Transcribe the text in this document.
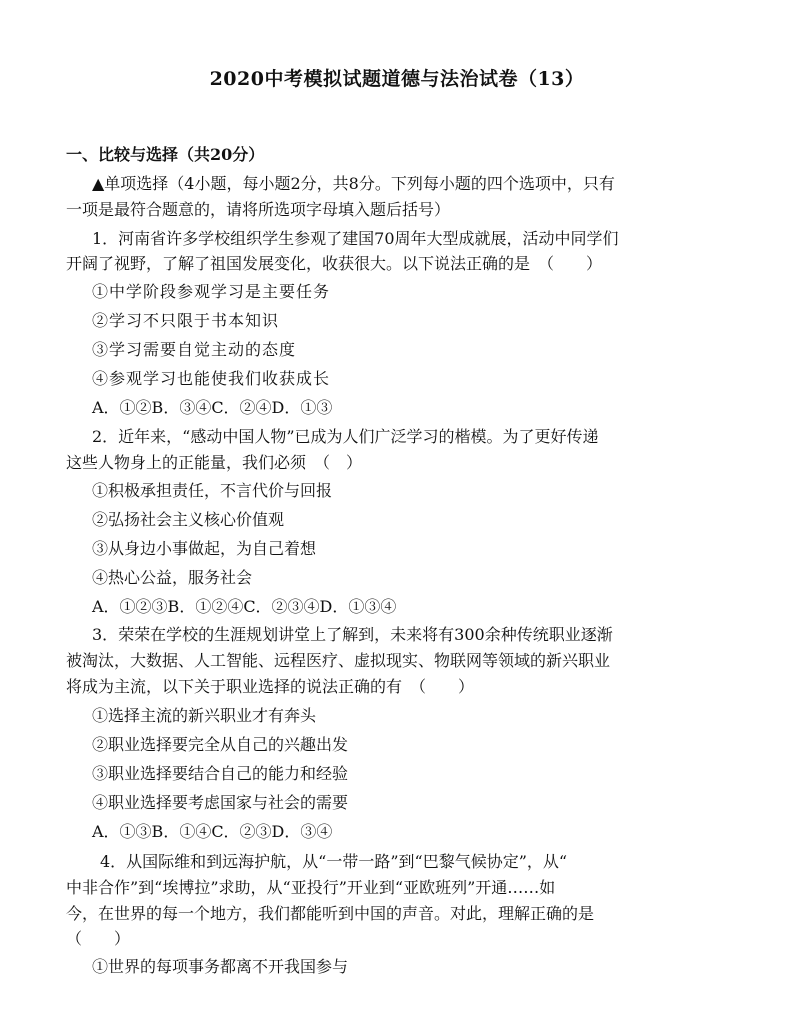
2020中考模拟试题道德与法治试卷（13）
一、比较与选择（共20分）
▲单项选择（4小题，每小题2分，共8分。下列每小题的四个选项中，只有
一项是最符合题意的，请将所选项字母填入题后括号）
1．河南省许多学校组织学生参观了建国70周年大型成就展，活动中同学们
开阔了视野，了解了祖国发展变化，收获很大。以下说法正确的是　（　　）
①中学阶段参观学习是主要任务
②学习不只限于书本知识
③学习需要自觉主动的态度
④参观学习也能使我们收获成长
A．①②B．③④C．②④D．①③
2．近年来，“感动中国人物”已成为人们广泛学习的楷模。为了更好传递
这些人物身上的正能量，我们必须　（　）
①积极承担责任，不言代价与回报
②弘扬社会主义核心价值观
③从身边小事做起，为自己着想
④热心公益，服务社会
A．①②③B．①②④C．②③④D．①③④
3．荣荣在学校的生涯规划讲堂上了解到，未来将有300余种传统职业逐渐
被淘汰，大数据、人工智能、远程医疗、虚拟现实、物联网等领域的新兴职业
将成为主流，以下关于职业选择的说法正确的有　（　　）
①选择主流的新兴职业才有奔头
②职业选择要完全从自己的兴趣出发
③职业选择要结合自己的能力和经验
④职业选择要考虑国家与社会的需要
A．①③B．①④C．②③D．③④
4．从国际维和到远海护航，从“一带一路”到“巴黎气候协定”，从“
中非合作”到“埃博拉”求助，从“亚投行”开业到“亚欧班列”开通……如
今，在世界的每一个地方，我们都能听到中国的声音。对此，理解正确的是
（　　）
①世界的每项事务都离不开我国参与
